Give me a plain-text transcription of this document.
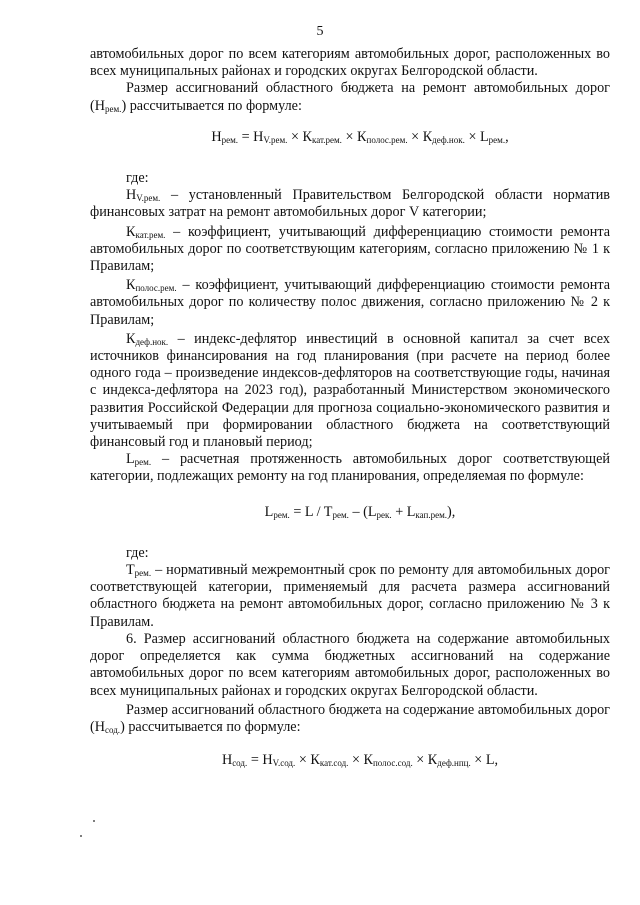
5

автомобильных дорог по всем категориям автомобильных дорог, расположенных во всех муниципальных районах и городских округах Белгородской области.

Размер ассигнований областного бюджета на ремонт автомобильных дорог $(Н_{рем.})$ рассчитывается по формуле:

$Н_{рем.} = Н_{V.рем.} \times К_{кат.рем.} \times К_{полос.рем.} \times К_{деф.нок.} \times L_{рем.}$,

где:

$Н_{V.рем.}$ – установленный Правительством Белгородской области норматив финансовых затрат на ремонт автомобильных дорог V категории;

$К_{кат.рем.}$ – коэффициент, учитывающий дифференциацию стоимости ремонта автомобильных дорог по соответствующим категориям, согласно приложению № 1 к Правилам;

$К_{полос.рем.}$ – коэффициент, учитывающий дифференциацию стоимости ремонта автомобильных дорог по количеству полос движения, согласно приложению № 2 к Правилам;

$К_{деф.нок.}$ – индекс-дефлятор инвестиций в основной капитал за счет всех источников финансирования на год планирования (при расчете на период более одного года – произведение индексов-дефляторов на соответствующие годы, начиная с индекса-дефлятора на 2023 год), разработанный Министерством экономического развития Российской Федерации для прогноза социально-экономического развития и учитываемый при формировании областного бюджета на соответствующий финансовый год и плановый период;

$L_{рем.}$ – расчетная протяженность автомобильных дорог соответствующей категории, подлежащих ремонту на год планирования, определяемая по формуле:

$L_{рем.} = L / T_{рем.} - (L_{рек.} + L_{кап.рем.})$,

где:

$Т_{рем.}$ – нормативный межремонтный срок по ремонту для автомобильных дорог соответствующей категории, применяемый для расчета размера ассигнований областного бюджета на ремонт автомобильных дорог, согласно приложению № 3 к Правилам.

6. Размер ассигнований областного бюджета на содержание автомобильных дорог определяется как сумма бюджетных ассигнований на содержание автомобильных дорог по всем категориям автомобильных дорог, расположенных во всех муниципальных районах и городских округах Белгородской области.

Размер ассигнований областного бюджета на содержание автомобильных дорог $(Н_{сод.})$ рассчитывается по формуле:

$Н_{сод.} = Н_{V.сод.} \times К_{кат.сод.} \times К_{полос.сод.} \times К_{деф.нпц.} \times L$,
